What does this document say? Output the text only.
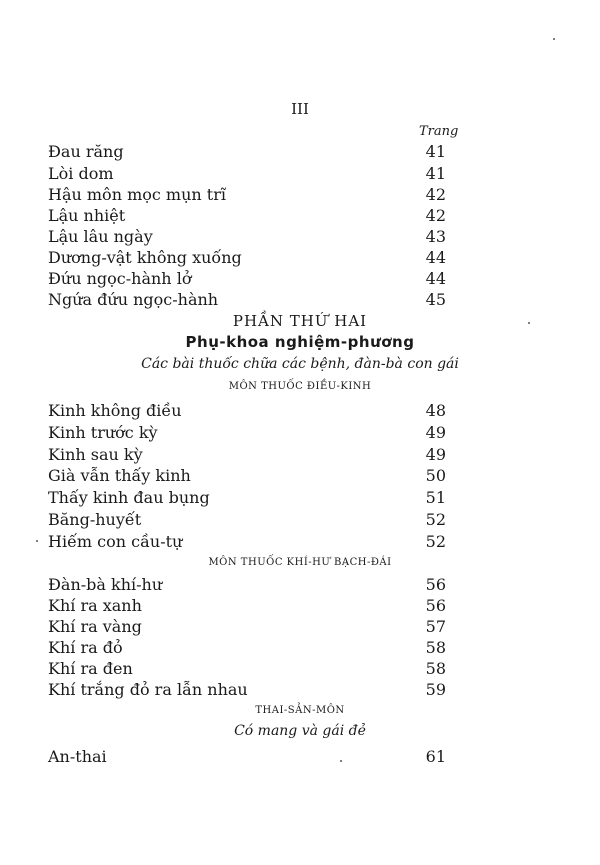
III
Trang
Đau răng	41
Lòi dom	41
Hậu môn mọc mụn trĩ	42
Lậu nhiệt	42
Lậu lâu ngày	43
Dương-vật không xuống	44
Đứu ngọc-hành lở	44
Ngứa đứu ngọc-hành	45
PHẦN THỨ HAI
Phụ-khoa nghiệm-phương
Các bài thuốc chữa các bệnh, đàn-bà con gái
MÔN THUỐC ĐIỀU-KINH
Kinh không điều	48
Kinh trước kỳ	49
Kinh sau kỳ	49
Già vẫn thấy kinh	50
Thấy kinh đau bụng	51
Băng-huyết	52
Hiếm con cầu-tự	52
MÔN THUỐC KHÍ-HƯ BẠCH-ĐÁI
Đàn-bà khí-hư	56
Khí ra xanh	56
Khí ra vàng	57
Khí ra đỏ	58
Khí ra đen	58
Khí trắng đỏ ra lẫn nhau	59
THAI-SẢN-MÔN
Có mang và gái đẻ
An-thai	61
